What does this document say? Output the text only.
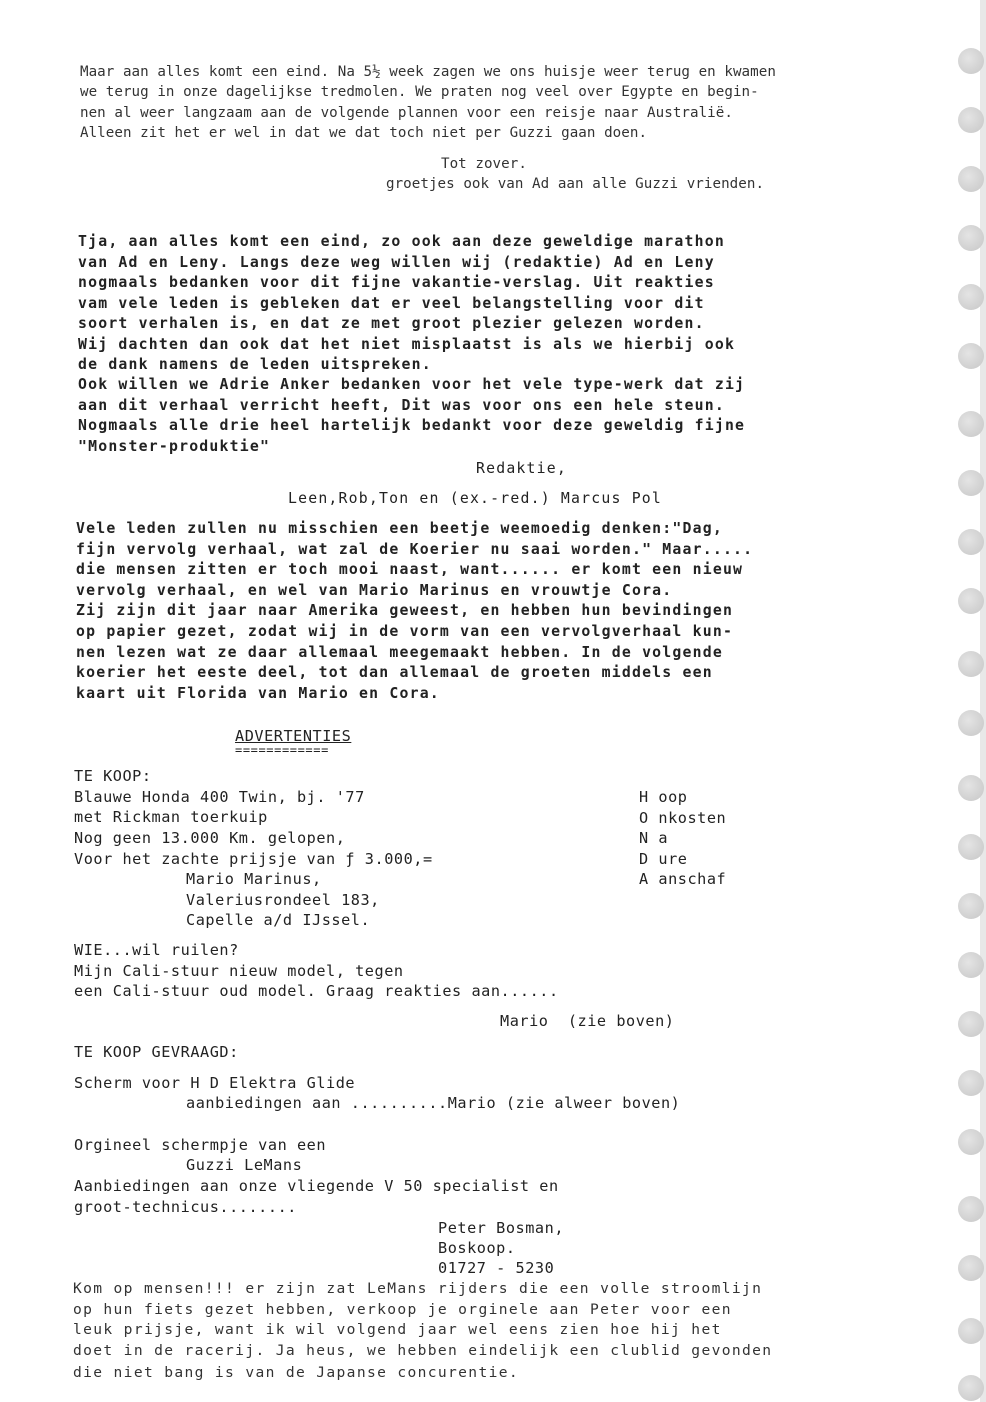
Maar aan alles komt een eind. Na 5½ week zagen we ons huisje weer terug en kwamen
we terug in onze dagelijkse tredmolen. We praten nog veel over Egypte en begin-
nen al weer langzaam aan de volgende plannen voor een reisje naar Australië.
Alleen zit het er wel in dat we dat toch niet per Guzzi gaan doen.
Tot zover.
groetjes ook van Ad aan alle Guzzi vrienden.
Tja, aan alles komt een eind, zo ook aan deze geweldige marathon
van Ad en Leny. Langs deze weg willen wij (redaktie) Ad en Leny
nogmaals bedanken voor dit fijne vakantie-verslag. Uit reakties
vam vele leden is gebleken dat er veel belangstelling voor dit
soort verhalen is, en dat ze met groot plezier gelezen worden.
Wij dachten dan ook dat het niet misplaatst is als we hierbij ook
de dank namens de leden uitspreken.
Ook willen we Adrie Anker bedanken voor het vele type-werk dat zij
aan dit verhaal verricht heeft, Dit was voor ons een hele steun.
Nogmaals alle drie heel hartelijk bedankt voor deze geweldig fijne
"Monster-produktie"
Redaktie,
Leen,Rob,Ton en (ex.-red.) Marcus Pol
Vele leden zullen nu misschien een beetje weemoedig denken:"Dag,
fijn vervolg verhaal, wat zal de Koerier nu saai worden." Maar.....
die mensen zitten er toch mooi naast, want...... er komt een nieuw
vervolg verhaal, en wel van Mario Marinus en vrouwtje Cora.
Zij zijn dit jaar naar Amerika geweest, en hebben hun bevindingen
op papier gezet, zodat wij in de vorm van een vervolgverhaal kun-
nen lezen wat ze daar allemaal meegemaakt hebben. In de volgende
koerier het eeste deel, tot dan allemaal de groeten middels een
kaart uit Florida van Mario en Cora.
ADVERTENTIES
============
TE KOOP:
Blauwe Honda 400 Twin, bj. '77
met Rickman toerkuip
Nog geen 13.000 Km. gelopen,
Voor het zachte prijsje van ƒ 3.000,=
Mario Marinus,
Valeriusrondeel 183,
Capelle a/d IJssel.
H oop
O nkosten
N a
D ure
A anschaf
WIE...wil ruilen?
Mijn Cali-stuur nieuw model, tegen
een Cali-stuur oud model. Graag reakties aan......
Mario  (zie boven)
TE KOOP GEVRAAGD:
Scherm voor H D Elektra Glide
aanbiedingen aan ..........Mario (zie alweer boven)
Orgineel schermpje van een
Guzzi LeMans
Aanbiedingen aan onze vliegende V 50 specialist en
groot-technicus........
Peter Bosman,
Boskoop.
01727 - 5230
Kom op mensen!!! er zijn zat LeMans rijders die een volle stroomlijn
op hun fiets gezet hebben, verkoop je orginele aan Peter voor een
leuk prijsje, want ik wil volgend jaar wel eens zien hoe hij het
doet in de racerij. Ja heus, we hebben eindelijk een clublid gevonden
die niet bang is van de Japanse concurentie.
